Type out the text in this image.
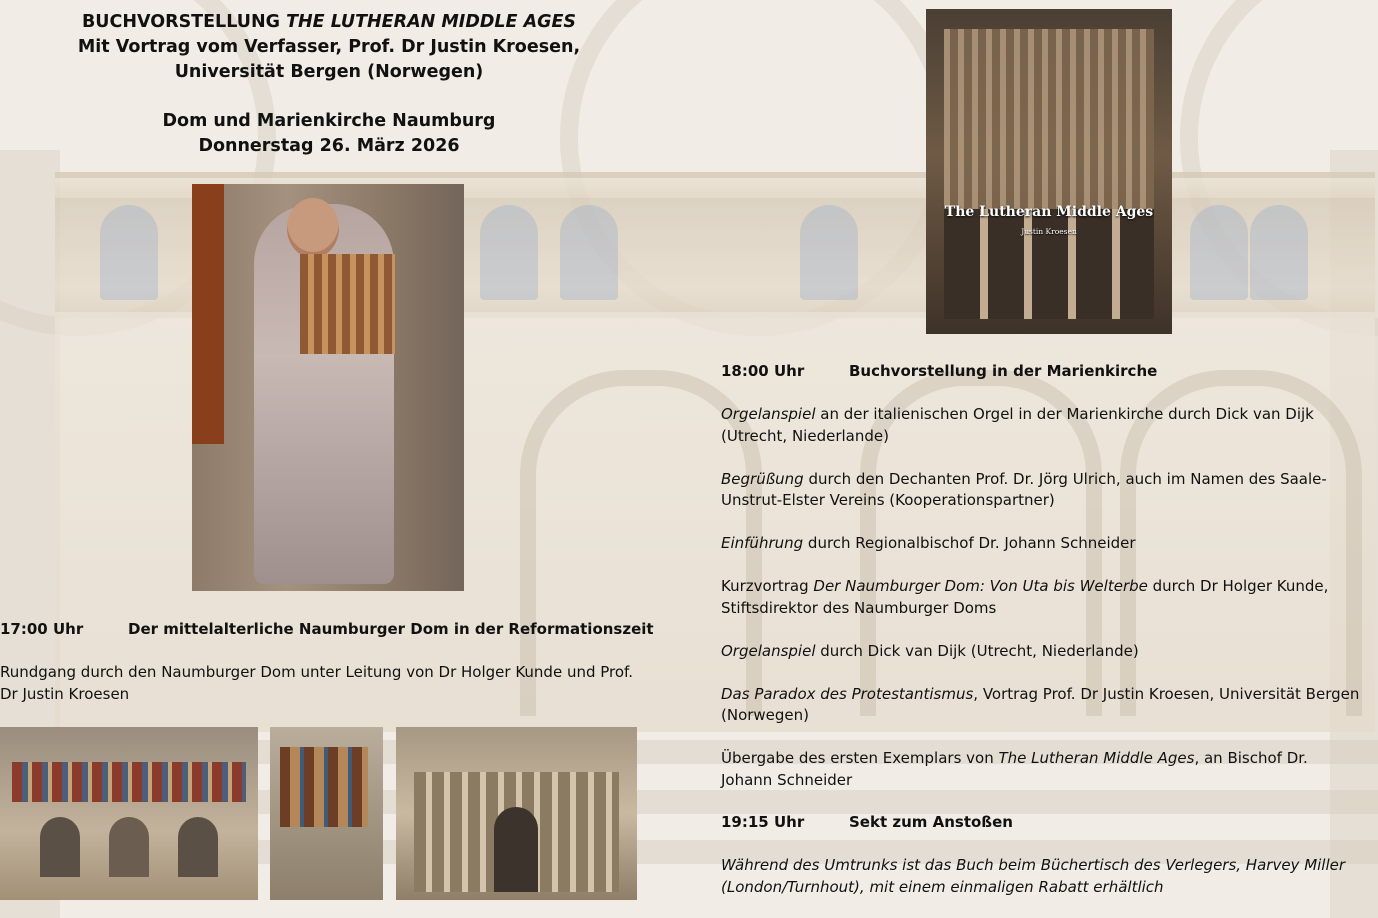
BUCHVORSTELLUNG THE LUTHERAN MIDDLE AGES
Mit Vortrag vom Verfasser, Prof. Dr Justin Kroesen,
Universität Bergen (Norwegen)
Dom und Marienkirche Naumburg
Donnerstag 26. März 2026
The Lutheran Middle Ages
Justin Kroesen
17:00 Uhr	Der mittelalterliche Naumburger Dom in der Reformationszeit
Rundgang durch den Naumburger Dom unter Leitung von Dr Holger Kunde und Prof. Dr Justin Kroesen
18:00 Uhr	Buchvorstellung in der Marienkirche

Orgelanspiel an der italienischen Orgel in der Marienkirche durch Dick van Dijk (Utrecht, Niederlande)

Begrüßung durch den Dechanten Prof. Dr. Jörg Ulrich, auch im Namen des Saale-Unstrut-Elster Vereins (Kooperationspartner)

Einführung durch Regionalbischof Dr. Johann Schneider

Kurzvortrag Der Naumburger Dom: Von Uta bis Welterbe durch Dr Holger Kunde, Stiftsdirektor des Naumburger Doms

Orgelanspiel durch Dick van Dijk (Utrecht, Niederlande)

Das Paradox des Protestantismus, Vortrag Prof. Dr Justin Kroesen, Universität Bergen (Norwegen)

Übergabe des ersten Exemplars von The Lutheran Middle Ages, an Bischof Dr. Johann Schneider

19:15 Uhr	Sekt zum Anstoßen
Während des Umtrunks ist das Buch beim Büchertisch des Verlegers, Harvey Miller (London/Turnhout), mit einem einmaligen Rabatt erhältlich
